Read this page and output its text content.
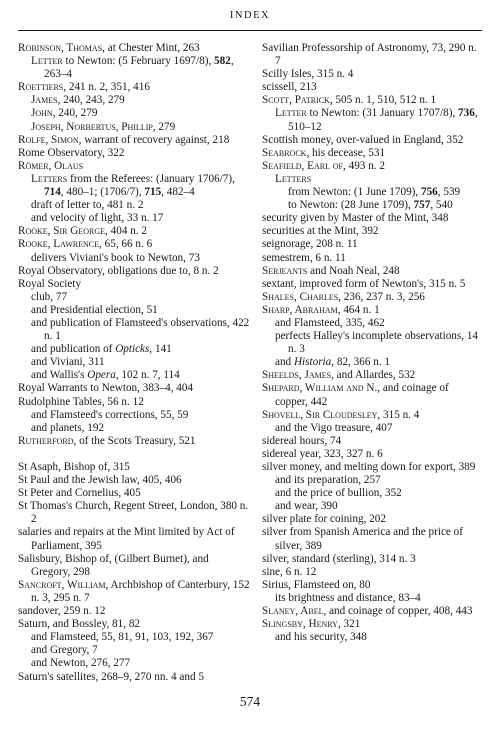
INDEX
Robinson, Thomas, at Chester Mint, 263
Letter to Newton: (5 February 1697/8), 582, 263–4
Roettiers, 241 n. 2, 351, 416
James, 240, 243, 279
John, 240, 279
Joseph, Norbertus, Phillip, 279
Rolfe, Simon, warrant of recovery against, 218
Rome Observatory, 322
Römer, Olaus
Letters from the Referees: (January 1706/7), 714, 480–1; (1706/7), 715, 482–4
draft of letter to, 481 n. 2
and velocity of light, 33 n. 17
Rooke, Sir George, 404 n. 2
Rooke, Lawrence, 65, 66 n. 6
delivers Viviani's book to Newton, 73
Royal Observatory, obligations due to, 8 n. 2
Royal Society
club, 77
and Presidential election, 51
and publication of Flamsteed's observations, 422 n. 1
and publication of Opticks, 141
and Viviani, 311
and Wallis's Opera, 102 n. 7, 114
Royal Warrants to Newton, 383–4, 404
Rudolphine Tables, 56 n. 12
and Flamsteed's corrections, 55, 59
and planets, 192
Rutherford, of the Scots Treasury, 521
St Asaph, Bishop of, 315
St Paul and the Jewish law, 405, 406
St Peter and Cornelius, 405
St Thomas's Church, Regent Street, London, 380 n. 2
salaries and repairs at the Mint limited by Act of Parliament, 395
Salisbury, Bishop of, (Gilbert Burnet), and Gregory, 298
Sancroft, William, Archbishop of Canterbury, 152 n. 3, 295 n. 7
sandover, 259 n. 12
Saturn, and Bossley, 81, 82
and Flamsteed, 55, 81, 91, 103, 192, 367
and Gregory, 7
and Newton, 276, 277
Saturn's satellites, 268–9, 270 nn. 4 and 5
Savilian Professorship of Astronomy, 73, 290 n. 7
Scilly Isles, 315 n. 4
scissell, 213
Scott, Patrick, 505 n. 1, 510, 512 n. 1
Letter to Newton: (31 January 1707/8), 736, 510–12
Scottish money, over-valued in England, 352
Seabrock, his decease, 531
Seafield, Earl of, 493 n. 2
Letters
from Newton: (1 June 1709), 756, 539
to Newton: (28 June 1709), 757, 540
security given by Master of the Mint, 348
securities at the Mint, 392
seignorage, 208 n. 11
semestrem, 6 n. 11
Serjeants and Noah Neal, 248
sextant, improved form of Newton's, 315 n. 5
Shales, Charles, 236, 237 n. 3, 256
Sharp, Abraham, 464 n. 1
and Flamsteed, 335, 462
perfects Halley's incomplete observations, 14 n. 3
and Historia, 82, 366 n. 1
Sheelds, James, and Allardes, 532
Shepard, William and N., and coinage of copper, 442
Shovell, Sir Cloudesley, 315 n. 4
and the Vigo treasure, 407
sidereal hours, 74
sidereal year, 323, 327 n. 6
silver money, and melting down for export, 389
and its preparation, 257
and the price of bullion, 352
and wear, 390
silver plate for coining, 202
silver from Spanish America and the price of silver, 389
silver, standard (sterling), 314 n. 3
sine, 6 n. 12
Sirius, Flamsteed on, 80
its brightness and distance, 83–4
Slaney, Abel, and coinage of copper, 408, 443
Slingsby, Henry, 321
and his security, 348
574
